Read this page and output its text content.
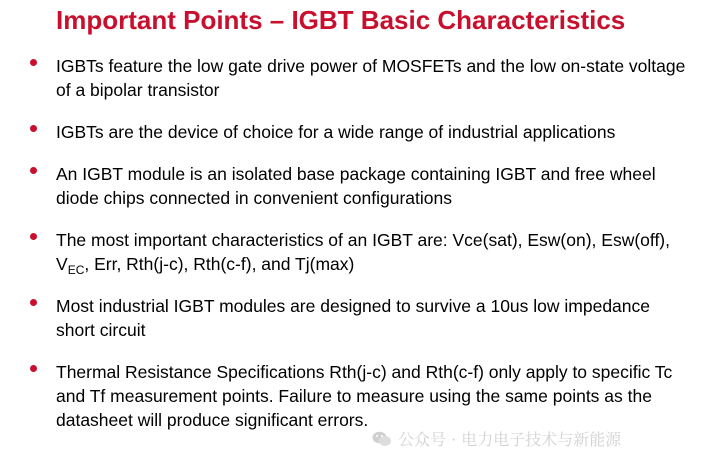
Important Points – IGBT Basic Characteristics
IGBTs feature the low gate drive power of MOSFETs and the low on-state voltage of a bipolar transistor
IGBTs are the device of choice for a wide range of industrial applications
An IGBT module is an isolated base package containing IGBT and free wheel diode chips connected in convenient configurations
The most important characteristics of an IGBT are: Vce(sat), Esw(on), Esw(off), $V_{EC}$, Err, Rth(j-c), Rth(c-f), and Tj(max)
Most industrial IGBT modules are designed to survive a 10us low impedance short circuit
Thermal Resistance Specifications Rth(j-c) and Rth(c-f) only apply to specific Tc and Tf measurement points. Failure to measure using the same points as the datasheet will produce significant errors.
公众号 · 电力电子技术与新能源
